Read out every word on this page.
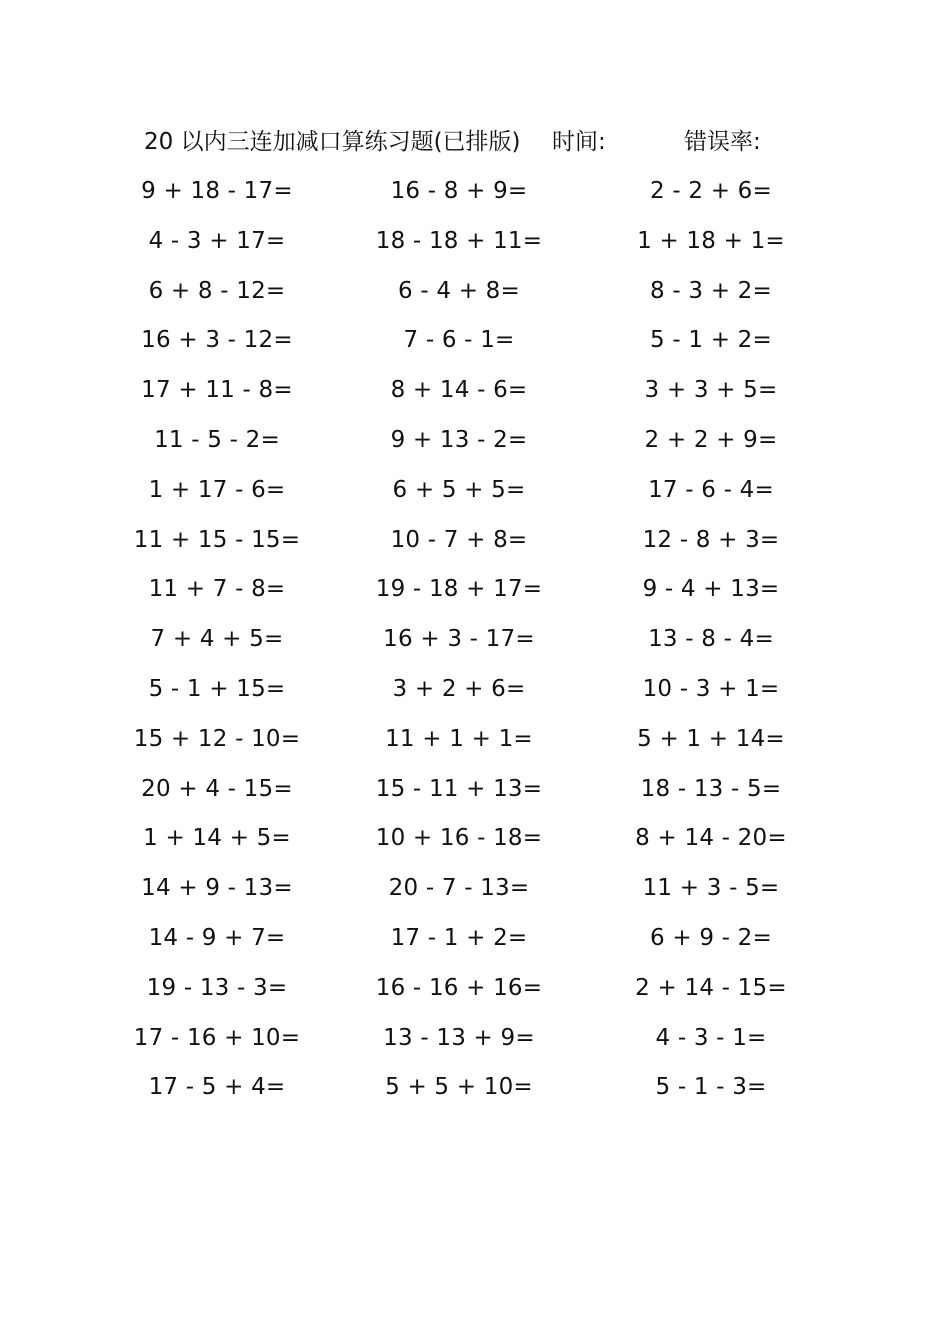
20 以内三连加减口算练习题(已排版) 时间:	错误率:
9 + 18 - 17=	16 - 8 + 9=	2 - 2 + 6=
4 - 3 + 17=	18 - 18 + 11=	1 + 18 + 1=
6 + 8 - 12=	6 - 4 + 8=	8 - 3 + 2=
16 + 3 - 12=	7 - 6 - 1=	5 - 1 + 2=
17 + 11 - 8=	8 + 14 - 6=	3 + 3 + 5=
11 - 5 - 2=	9 + 13 - 2=	2 + 2 + 9=
1 + 17 - 6=	6 + 5 + 5=	17 - 6 - 4=
11 + 15 - 15=	10 - 7 + 8=	12 - 8 + 3=
11 + 7 - 8=	19 - 18 + 17=	9 - 4 + 13=
7 + 4 + 5=	16 + 3 - 17=	13 - 8 - 4=
5 - 1 + 15=	3 + 2 + 6=	10 - 3 + 1=
15 + 12 - 10=	11 + 1 + 1=	5 + 1 + 14=
20 + 4 - 15=	15 - 11 + 13=	18 - 13 - 5=
1 + 14 + 5=	10 + 16 - 18=	8 + 14 - 20=
14 + 9 - 13=	20 - 7 - 13=	11 + 3 - 5=
14 - 9 + 7=	17 - 1 + 2=	6 + 9 - 2=
19 - 13 - 3=	16 - 16 + 16=	2 + 14 - 15=
17 - 16 + 10=	13 - 13 + 9=	4 - 3 - 1=
17 - 5 + 4=	5 + 5 + 10=	5 - 1 - 3=
